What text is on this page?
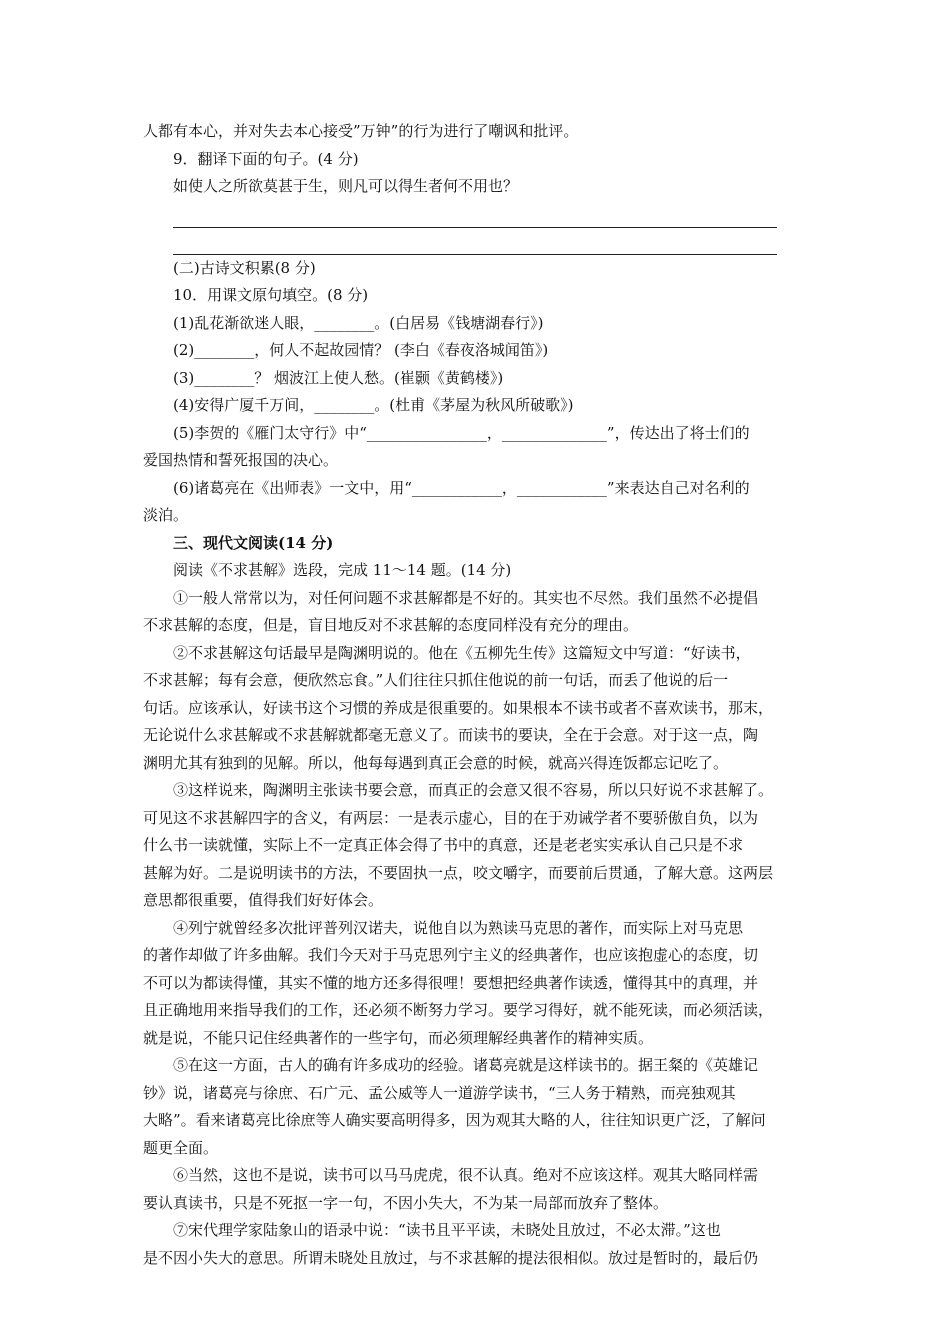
人都有本心，并对失去本心接受”万钟”的行为进行了嘲讽和批评。
9．翻译下面的句子。(4 分)
如使人之所欲莫甚于生，则凡可以得生者何不用也？
(二)古诗文积累(8 分)
10．用课文原句填空。(8 分)
(1)乱花渐欲迷人眼，________。(白居易《钱塘湖春行》)
(2)________，何人不起故园情？ (李白《春夜洛城闻笛》)
(3)________？ 烟波江上使人愁。(崔颢《黄鹤楼》)
(4)安得广厦千万间，________。(杜甫《茅屋为秋风所破歌》)
(5)李贺的《雁门太守行》中“________________，______________”，传达出了将士们的
爱国热情和誓死报国的决心。
(6)诸葛亮在《出师表》一文中，用“____________，____________”来表达自己对名利的
淡泊。
三、现代文阅读(14 分)
阅读《不求甚解》选段，完成 11～14 题。(14 分)
①一般人常常以为，对任何问题不求甚解都是不好的。其实也不尽然。我们虽然不必提倡
不求甚解的态度，但是，盲目地反对不求甚解的态度同样没有充分的理由。
②不求甚解这句话最早是陶渊明说的。他在《五柳先生传》这篇短文中写道：“好读书，
不求甚解；每有会意，便欣然忘食。”人们往往只抓住他说的前一句话，而丢了他说的后一
句话。应该承认，好读书这个习惯的养成是很重要的。如果根本不读书或者不喜欢读书，那末，
无论说什么求甚解或不求甚解就都毫无意义了。而读书的要诀，全在于会意。对于这一点，陶
渊明尤其有独到的见解。所以，他每每遇到真正会意的时候，就高兴得连饭都忘记吃了。
③这样说来，陶渊明主张读书要会意，而真正的会意又很不容易，所以只好说不求甚解了。
可见这不求甚解四字的含义，有两层：一是表示虚心，目的在于劝诫学者不要骄傲自负，以为
什么书一读就懂，实际上不一定真正体会得了书中的真意，还是老老实实承认自己只是不求
甚解为好。二是说明读书的方法，不要固执一点，咬文嚼字，而要前后贯通，了解大意。这两层
意思都很重要，值得我们好好体会。
④列宁就曾经多次批评普列汉诺夫，说他自以为熟读马克思的著作，而实际上对马克思
的著作却做了许多曲解。我们今天对于马克思列宁主义的经典著作，也应该抱虚心的态度，切
不可以为都读得懂，其实不懂的地方还多得很哩！要想把经典著作读透，懂得其中的真理，并
且正确地用来指导我们的工作，还必须不断努力学习。要学习得好，就不能死读，而必须活读，
就是说，不能只记住经典著作的一些字句，而必须理解经典著作的精神实质。
⑤在这一方面，古人的确有许多成功的经验。诸葛亮就是这样读书的。据王粲的《英雄记
钞》说，诸葛亮与徐庶、石广元、孟公威等人一道游学读书，“三人务于精熟，而亮独观其
大略”。看来诸葛亮比徐庶等人确实要高明得多，因为观其大略的人，往往知识更广泛，了解问
题更全面。
⑥当然，这也不是说，读书可以马马虎虎，很不认真。绝对不应该这样。观其大略同样需
要认真读书，只是不死抠一字一句，不因小失大，不为某一局部而放弃了整体。
⑦宋代理学家陆象山的语录中说：“读书且平平读，未晓处且放过，不必太滞。”这也
是不因小失大的意思。所谓未晓处且放过，与不求甚解的提法很相似。放过是暂时的，最后仍
